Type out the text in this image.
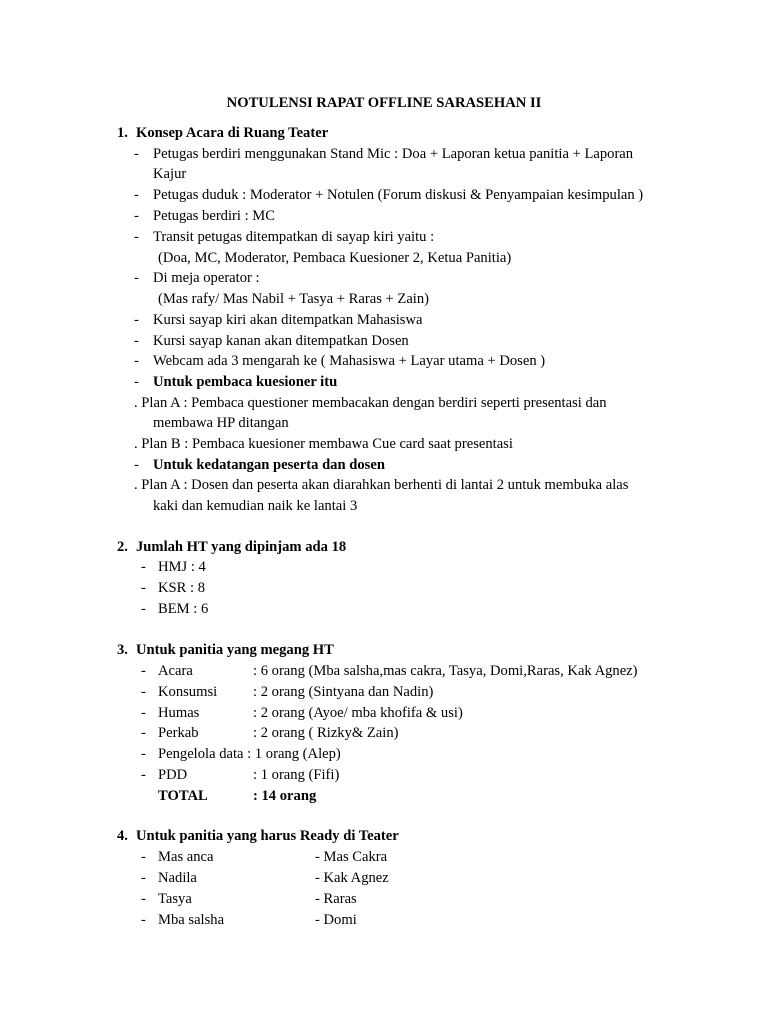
NOTULENSI RAPAT OFFLINE SARASEHAN II
1. Konsep Acara di Ruang Teater
- Petugas berdiri menggunakan Stand Mic : Doa + Laporan ketua panitia + Laporan
Kajur
- Petugas duduk : Moderator + Notulen (Forum diskusi & Penyampaian kesimpulan )
- Petugas berdiri : MC
- Transit petugas ditempatkan di sayap kiri yaitu :
(Doa, MC, Moderator, Pembaca Kuesioner 2, Ketua Panitia)
- Di meja operator :
(Mas rafy/ Mas Nabil + Tasya + Raras + Zain)
- Kursi sayap kiri akan ditempatkan Mahasiswa
- Kursi sayap kanan akan ditempatkan Dosen
- Webcam ada 3 mengarah ke ( Mahasiswa + Layar utama + Dosen )
- Untuk pembaca kuesioner itu
. Plan A : Pembaca questioner membacakan dengan berdiri seperti presentasi dan
membawa HP ditangan
. Plan B : Pembaca kuesioner membawa Cue card saat presentasi
- Untuk kedatangan peserta dan dosen
. Plan A : Dosen dan peserta akan diarahkan berhenti di lantai 2 untuk membuka alas
kaki dan kemudian naik ke lantai 3
2. Jumlah HT yang dipinjam ada 18
- HMJ : 4
- KSR : 8
- BEM : 6
3. Untuk panitia yang megang HT
- Acara	: 6 orang (Mba salsha,mas cakra, Tasya, Domi,Raras, Kak Agnez)
- Konsumsi : 2 orang (Sintyana dan Nadin)
- Humas	: 2 orang (Ayoe/ mba khofifa & usi)
- Perkab	: 2 orang ( Rizky& Zain)
- Pengelola data : 1 orang (Alep)
- PDD	: 1 orang (Fifi)
TOTAL	: 14 orang
4. Untuk panitia yang harus Ready di Teater
- Mas anca	- Mas Cakra
- Nadila	- Kak Agnez
- Tasya	- Raras
- Mba salsha	- Domi
